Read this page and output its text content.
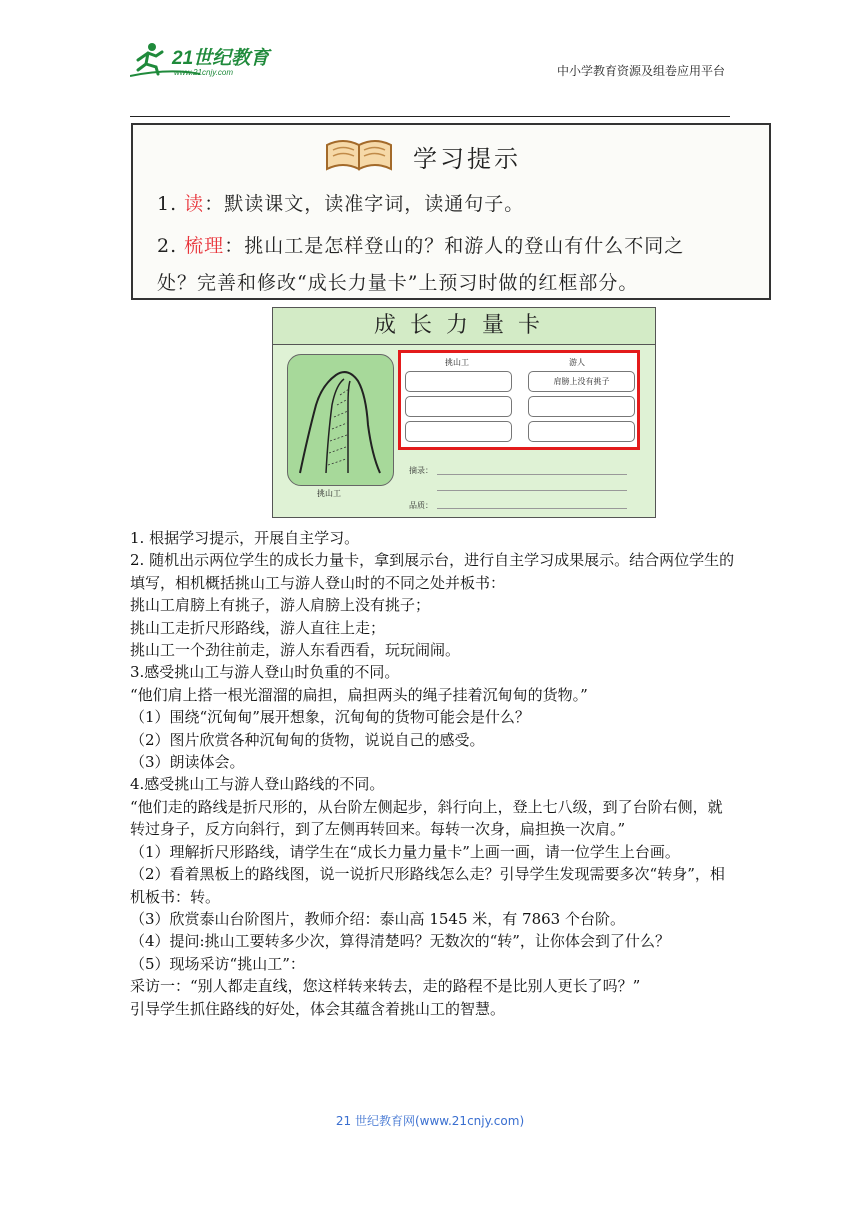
21世纪教育
www.21cnjy.com	中小学教育资源及组卷应用平台
学习提示
1. 读：默读课文，读准字词，读通句子。
2. 梳理：挑山工是怎样登山的？和游人的登山有什么不同之
处？完善和修改“成长力量卡”上预习时做的红框部分。
成长力量卡
挑山工
挑山工	游人
肩膀上没有挑子
摘录：
品质：

1. 根据学习提示，开展自主学习。

2. 随机出示两位学生的成长力量卡，拿到展示台，进行自主学习成果展示。结合两位学生的填写，相机概括挑山工与游人登山时的不同之处并板书：

挑山工肩膀上有挑子，游人肩膀上没有挑子；

挑山工走折尺形路线，游人直往上走；

挑山工一个劲往前走，游人东看西看，玩玩闹闹。

3.感受挑山工与游人登山时负重的不同。

“他们肩上搭一根光溜溜的扁担，扁担两头的绳子挂着沉甸甸的货物。”

（1）围绕“沉甸甸”展开想象，沉甸甸的货物可能会是什么？

（2）图片欣赏各种沉甸甸的货物，说说自己的感受。

（3）朗读体会。

4.感受挑山工与游人登山路线的不同。

“他们走的路线是折尺形的，从台阶左侧起步，斜行向上，登上七八级，到了台阶右侧，就转过身子，反方向斜行，到了左侧再转回来。每转一次身，扁担换一次肩。”

（1）理解折尺形路线，请学生在“成长力量力量卡”上画一画，请一位学生上台画。

（2）看着黑板上的路线图，说一说折尺形路线怎么走？引导学生发现需要多次“转身”，相机板书：转。

（3）欣赏泰山台阶图片，教师介绍：泰山高 1545 米，有 7863 个台阶。

（4）提问:挑山工要转多少次，算得清楚吗？无数次的“转”，让你体会到了什么？

（5）现场采访“挑山工”：

采访一：“别人都走直线，您这样转来转去，走的路程不是比别人更长了吗？”

引导学生抓住路线的好处，体会其蕴含着挑山工的智慧。

21 世纪教育网(www.21cnjy.com)
